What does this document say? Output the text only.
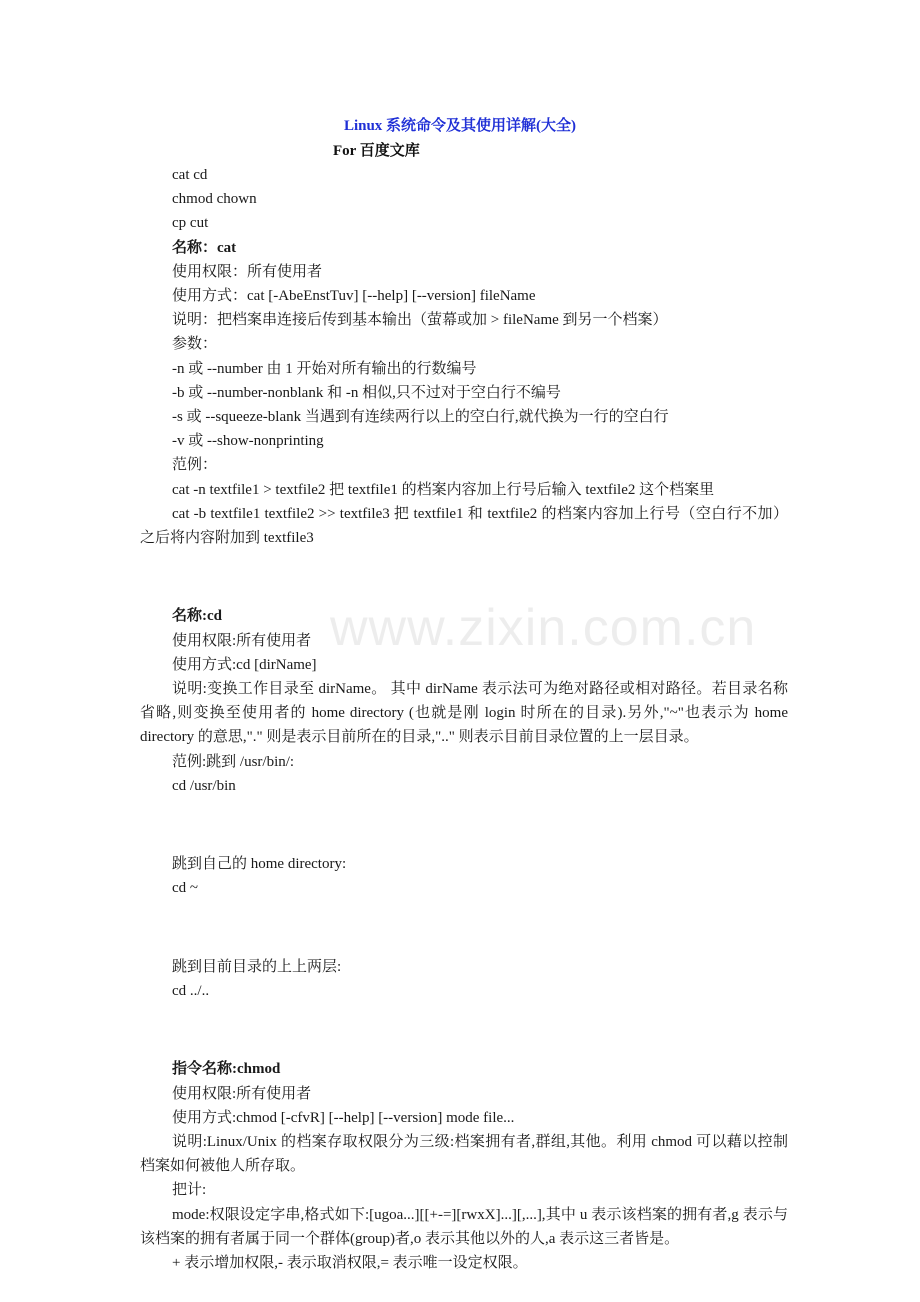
www.zixin.com.cn
Linux 系统命令及其使用详解(大全)
For 百度文库

cat cd

chmod chown

cp cut

名称：cat

使用权限：所有使用者

使用方式：cat [-AbeEnstTuv] [--help] [--version] fileName

说明：把档案串连接后传到基本输出（萤幕或加 > fileName 到另一个档案）

参数：

-n 或 --number 由 1 开始对所有输出的行数编号

-b 或 --number-nonblank 和 -n 相似,只不过对于空白行不编号

-s 或 --squeeze-blank 当遇到有连续两行以上的空白行,就代换为一行的空白行

-v 或 --show-nonprinting

范例：

cat -n textfile1 > textfile2 把 textfile1 的档案内容加上行号后输入 textfile2 这个档案里

cat -b textfile1 textfile2 >> textfile3 把 textfile1 和 textfile2 的档案内容加上行号（空白行不加）之后将内容附加到 textfile3

名称:cd

使用权限:所有使用者

使用方式:cd [dirName]

说明:变换工作目录至 dirName。 其中 dirName 表示法可为绝对路径或相对路径。若目录名称省略,则变换至使用者的 home directory (也就是刚 login 时所在的目录).另外,"~"也表示为 home directory 的意思,"." 则是表示目前所在的目录,".." 则表示目前目录位置的上一层目录。

范例:跳到 /usr/bin/:

cd /usr/bin

跳到自己的 home directory:

cd ~

跳到目前目录的上上两层:

cd ../..

指令名称:chmod

使用权限:所有使用者

使用方式:chmod [-cfvR] [--help] [--version] mode file...

说明:Linux/Unix 的档案存取权限分为三级:档案拥有者,群组,其他。利用 chmod 可以藉以控制档案如何被他人所存取。

把计:

mode:权限设定字串,格式如下:[ugoa...][[+-=][rwxX]...][,...],其中 u 表示该档案的拥有者,g 表示与该档案的拥有者属于同一个群体(group)者,o 表示其他以外的人,a 表示这三者皆是。

+ 表示增加权限,- 表示取消权限,= 表示唯一设定权限。
